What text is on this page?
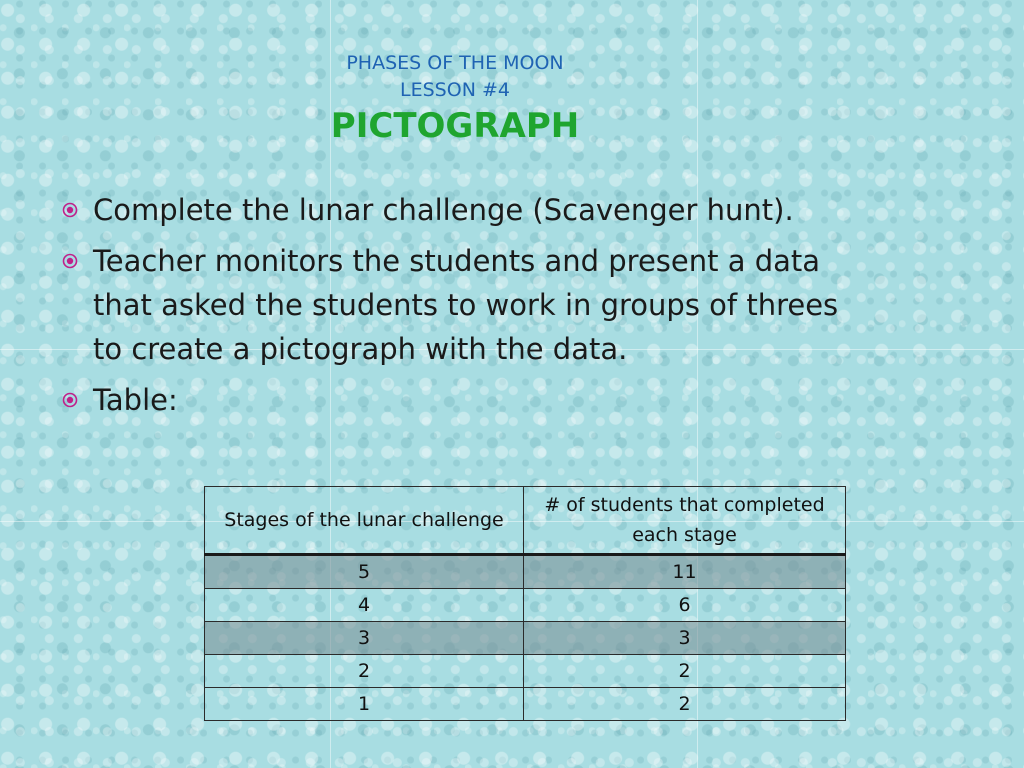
PHASES OF THE MOON
LESSON #4
PICTOGRAPH
Complete the lunar challenge (Scavenger hunt).
Teacher monitors the students and present a data that asked the students to work in groups of threes to create a pictograph with the data.
Table:
Stages of the lunar challenge	# of students that completed each stage
5	11
4	6
3	3
2	2
1	2
